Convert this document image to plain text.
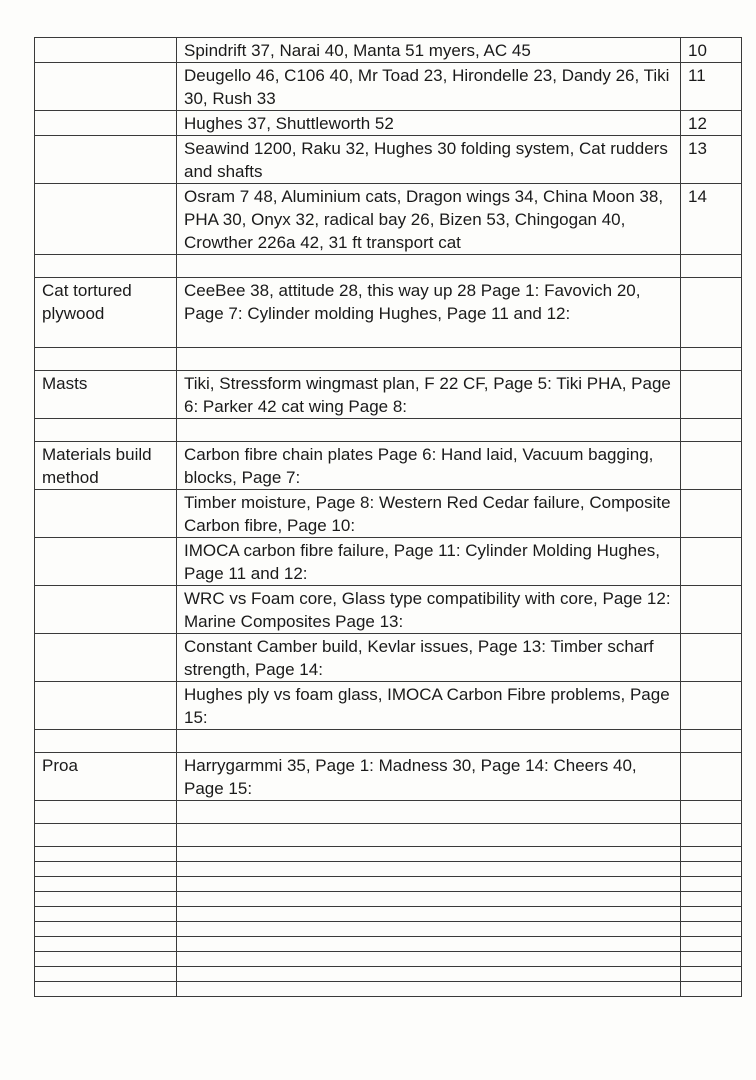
	Spindrift 37, Narai 40, Manta 51 myers, AC 45	10
	Deugello 46, C106 40, Mr Toad 23, Hirondelle 23, Dandy 26, Tiki 30, Rush 33	11
	Hughes 37, Shuttleworth 52	12
	Seawind 1200, Raku 32, Hughes 30 folding system, Cat rudders and shafts	13
	Osram 7 48, Aluminium cats, Dragon wings 34, China Moon 38, PHA 30, Onyx 32, radical bay 26, Bizen 53, Chingogan 40, Crowther 226a 42, 31 ft transport cat	14

Cat tortured plywood	CeeBee 38, attitude 28, this way up 28 Page 1: Favovich 20, Page 7: Cylinder molding Hughes, Page 11 and 12:	

Masts	Tiki, Stressform wingmast plan, F 22 CF, Page 5: Tiki PHA, Page 6: Parker 42 cat wing Page 8:	

Materials build method	Carbon fibre chain plates Page 6: Hand laid, Vacuum bagging, blocks, Page 7:	
	Timber moisture, Page 8: Western Red Cedar failure, Composite Carbon fibre, Page 10:	
	IMOCA carbon fibre failure, Page 11: Cylinder Molding Hughes, Page 11 and 12:	
	WRC vs Foam core, Glass type compatibility with core, Page 12: Marine Composites Page 13:	
	Constant Camber build, Kevlar issues, Page 13: Timber scharf strength, Page 14:	
	Hughes ply vs foam glass, IMOCA Carbon Fibre problems, Page 15:	

Proa	Harrygarmmi 35, Page 1: Madness 30, Page 14: Cheers 40, Page 15:	
